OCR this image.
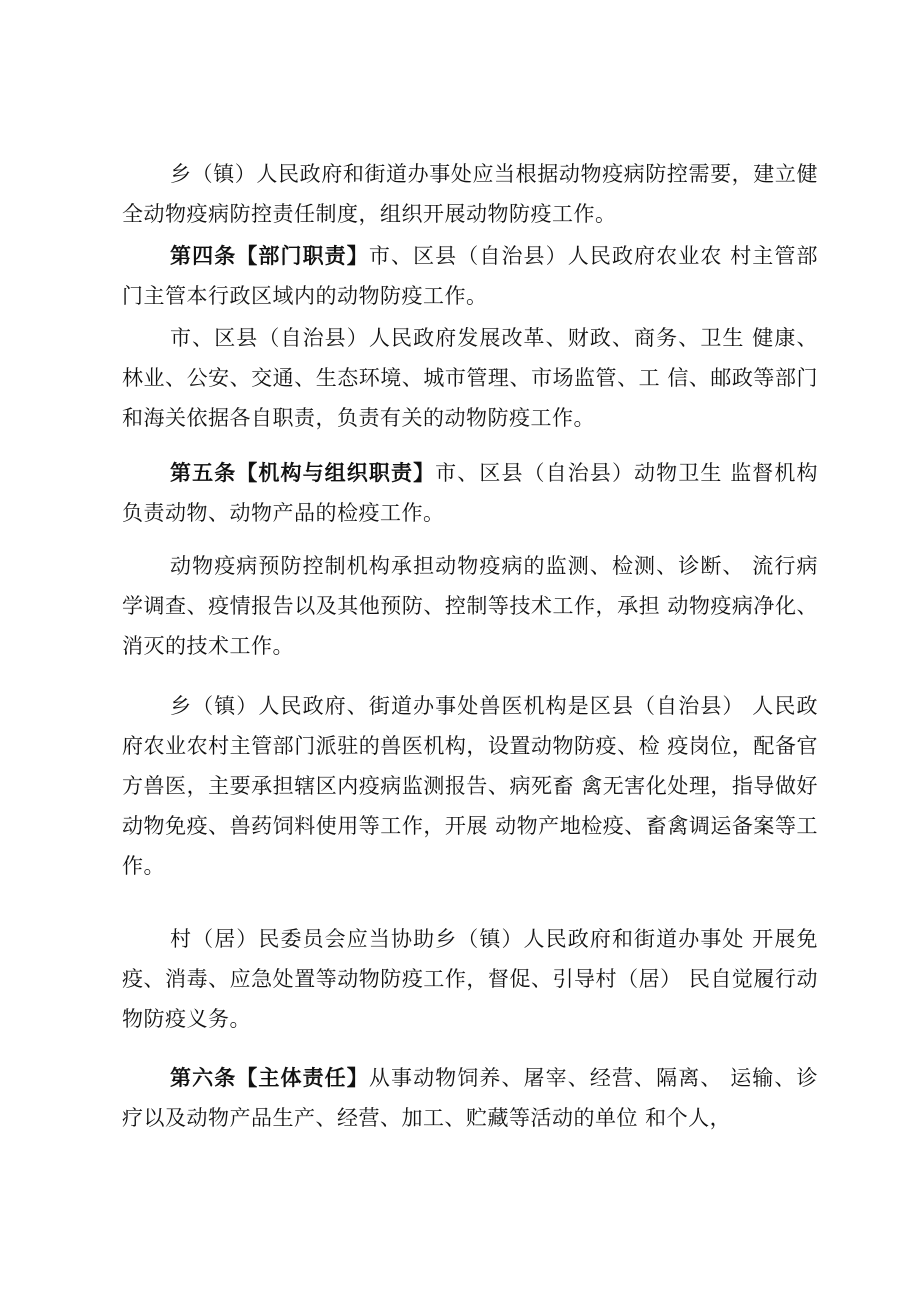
乡（镇）人民政府和街道办事处应当根据动物疫病防控需要，建立健全动物疫病防控责任制度，组织开展动物防疫工作。

第四条【部门职责】市、区县（自治县）人民政府农业农 村主管部门主管本行政区域内的动物防疫工作。

市、区县（自治县）人民政府发展改革、财政、商务、卫生 健康、林业、公安、交通、生态环境、城市管理、市场监管、工 信、邮政等部门和海关依据各自职责，负责有关的动物防疫工作。

第五条【机构与组织职责】市、区县（自治县）动物卫生 监督机构负责动物、动物产品的检疫工作。

动物疫病预防控制机构承担动物疫病的监测、检测、诊断、 流行病学调查、疫情报告以及其他预防、控制等技术工作，承担 动物疫病净化、消灭的技术工作。

乡（镇）人民政府、街道办事处兽医机构是区县（自治县） 人民政府农业农村主管部门派驻的兽医机构，设置动物防疫、检 疫岗位，配备官方兽医，主要承担辖区内疫病监测报告、病死畜 禽无害化处理，指导做好动物免疫、兽药饲料使用等工作，开展 动物产地检疫、畜禽调运备案等工作。

村（居）民委员会应当协助乡（镇）人民政府和街道办事处 开展免疫、消毒、应急处置等动物防疫工作，督促、引导村（居） 民自觉履行动物防疫义务。

第六条【主体责任】从事动物饲养、屠宰、经营、隔离、 运输、诊疗以及动物产品生产、经营、加工、贮藏等活动的单位 和个人，
